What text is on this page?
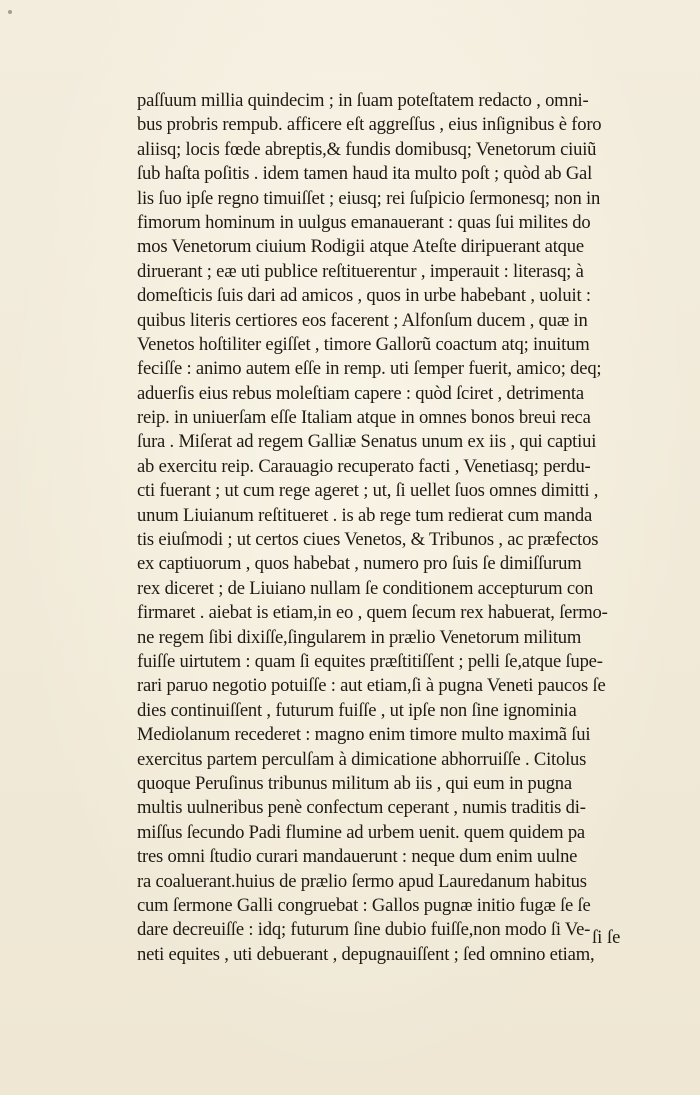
paſſuum millia quindecim ; in ſuam poteſtatem redacto , omni-
bus probris rempub. afficere eſt aggreſſus , eius inſignibus è foro
aliisq; locis fœde abreptis,& fundis domibusq; Venetorum ciuiũ
ſub haſta poſitis . idem tamen haud ita multo poſt ; quòd ab Gal
lis ſuo ipſe regno timuiſſet ; eiusq; rei ſuſpicio ſermonesq; non in
fimorum hominum in uulgus emanauerant : quas ſui milites do
mos Venetorum ciuium Rodigii atque Ateſte diripuerant atque
diruerant ; eæ uti publice reſtituerentur , imperauit : literasq; à
domeſticis ſuis dari ad amicos , quos in urbe habebant , uoluit :
quibus literis certiores eos facerent ; Alfonſum ducem , quæ in
Venetos hoſtiliter egiſſet , timore Gallorũ coactum atq; inuitum
feciſſe : animo autem eſſe in remp. uti ſemper fuerit, amico; deq;
aduerſis eius rebus moleſtiam capere : quòd ſciret , detrimenta
reip. in uniuerſam eſſe Italiam atque in omnes bonos breui reca
ſura . Miſerat ad regem Galliæ Senatus unum ex iis , qui captiui
ab exercitu reip. Carauagio recuperato facti , Venetiasq; perdu-
cti fuerant ; ut cum rege ageret ; ut, ſi uellet ſuos omnes dimitti ,
unum Liuianum reſtitueret . is ab rege tum redierat cum manda
tis eiuſmodi ; ut certos ciues Venetos, & Tribunos , ac præfectos
ex captiuorum , quos habebat , numero pro ſuis ſe dimiſſurum
rex diceret ; de Liuiano nullam ſe conditionem accepturum con
firmaret . aiebat is etiam,in eo , quem ſecum rex habuerat, ſermo-
ne regem ſibi dixiſſe,ſingularem in prælio Venetorum militum
fuiſſe uirtutem : quam ſi equites præſtitiſſent ; pelli ſe,atque ſupe-
rari paruo negotio potuiſſe : aut etiam,ſi à pugna Veneti paucos ſe
dies continuiſſent , futurum fuiſſe , ut ipſe non ſine ignominia
Mediolanum recederet : magno enim timore multo maximã ſui
exercitus partem perculſam à dimicatione abhorruiſſe . Citolus
quoque Peruſinus tribunus militum ab iis , qui eum in pugna
multis uulneribus penè confectum ceperant , numis traditis di-
miſſus ſecundo Padi flumine ad urbem uenit. quem quidem pa
tres omni ſtudio curari mandauerunt : neque dum enim uulne
ra coaluerant.huius de prælio ſermo apud Lauredanum habitus
cum ſermone Galli congruebat : Gallos pugnæ initio fugæ ſe ſe
dare decreuiſſe : idq; futurum ſine dubio fuiſſe,non modo ſi Ve-
neti equites , uti debuerant , depugnauiſſent ; ſed omnino etiam,
ſi ſe
